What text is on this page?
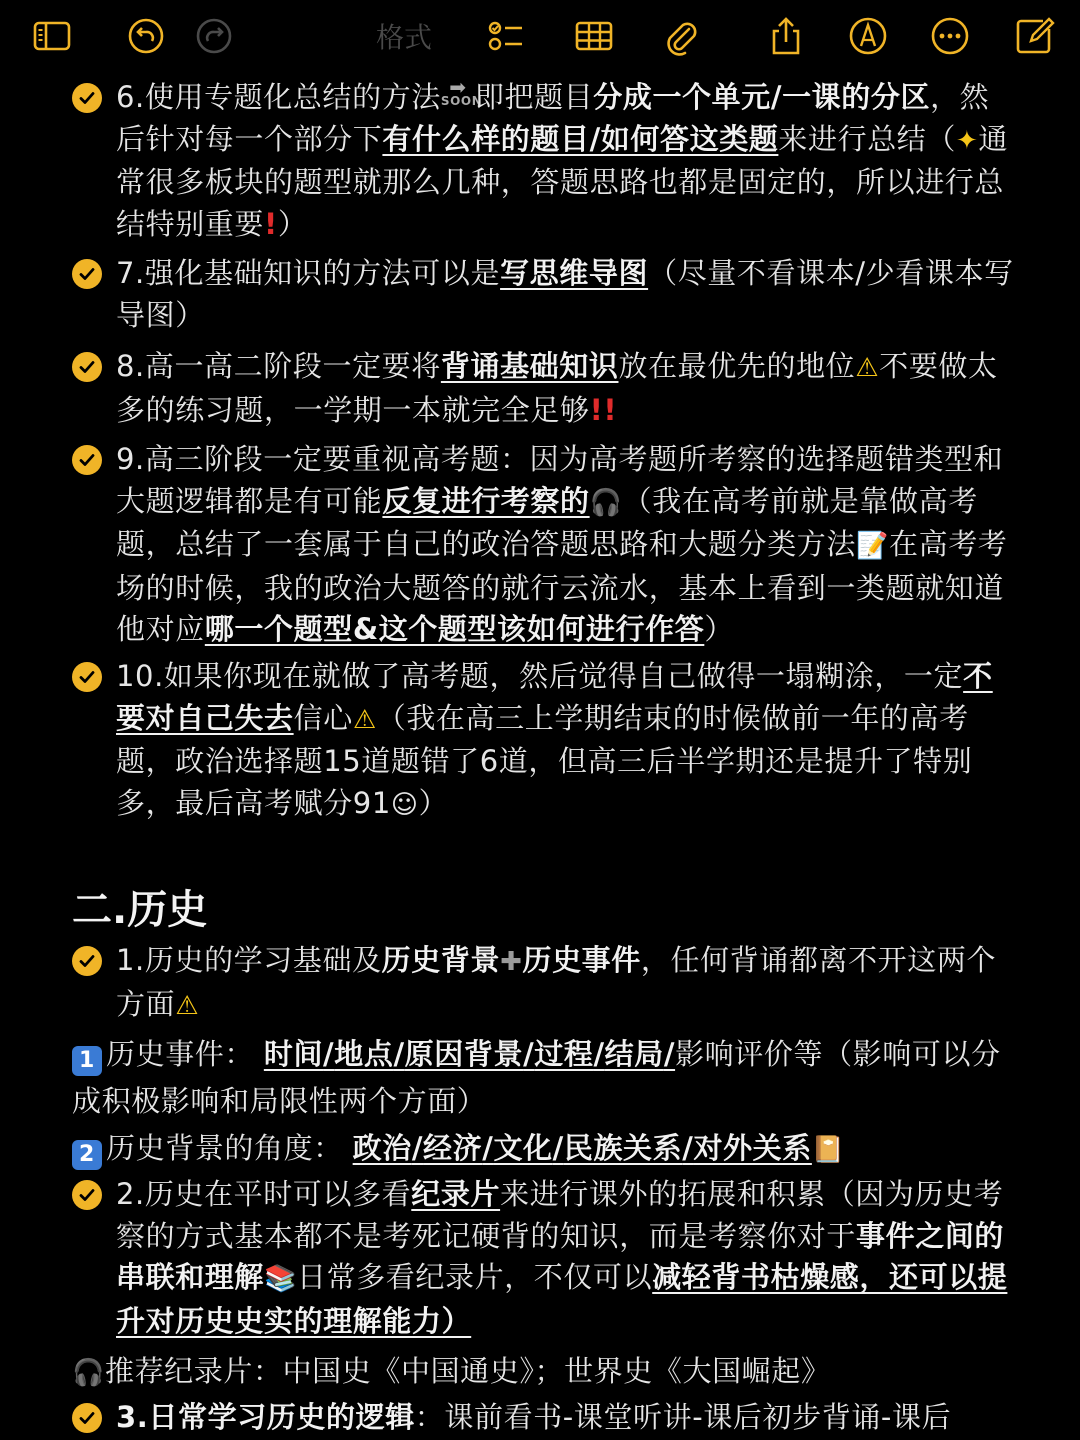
格式
6.使用专题化总结的方法 ➡
SOON即把题目分成一个单元/一课的分区，然后针对每一个部分下有什么样的题目/如何答这类题来进行总结（✦通常很多板块的题型就那么几种，答题思路也都是固定的，所以进行总结特别重要!）
7.强化基础知识的方法可以是写思维导图（尽量不看课本/少看课本写导图）
8.高一高二阶段一定要将背诵基础知识放在最优先的地位⚠不要做太多的练习题，一学期一本就完全足够!!
9.高三阶段一定要重视高考题：因为高考题所考察的选择题错类型和大题逻辑都是有可能反复进行考察的🎧（我在高考前就是靠做高考题，总结了一套属于自己的政治答题思路和大题分类方法📝在高考考场的时候，我的政治大题答的就行云流水，基本上看到一类题就知道他对应哪一个题型&这个题型该如何进行作答）
10.如果你现在就做了高考题，然后觉得自己做得一塌糊涂，一定不要对自己失去信心⚠（我在高三上学期结束的时候做前一年的高考题，政治选择题15道题错了6道，但高三后半学期还是提升了特别多，最后高考赋分91☺）
二.历史
1.历史的学习基础及历史背景✚历史事件，任何背诵都离不开这两个方面⚠
1 历史事件： 时间/地点/原因背景/过程/结局/影响评价等（影响可以分成积极影响和局限性两个方面）
2 历史背景的角度： 政治/经济/文化/民族关系/对外关系📔
2.历史在平时可以多看纪录片来进行课外的拓展和积累（因为历史考察的方式基本都不是考死记硬背的知识，而是考察你对于事件之间的串联和理解📚日常多看纪录片，不仅可以减轻背书枯燥感，还可以提升对历史史实的理解能力）
🎧推荐纪录片：中国史《中国通史》；世界史《大国崛起》
3.日常学习历史的逻辑：课前看书-课堂听讲-课后初步背诵-课后
